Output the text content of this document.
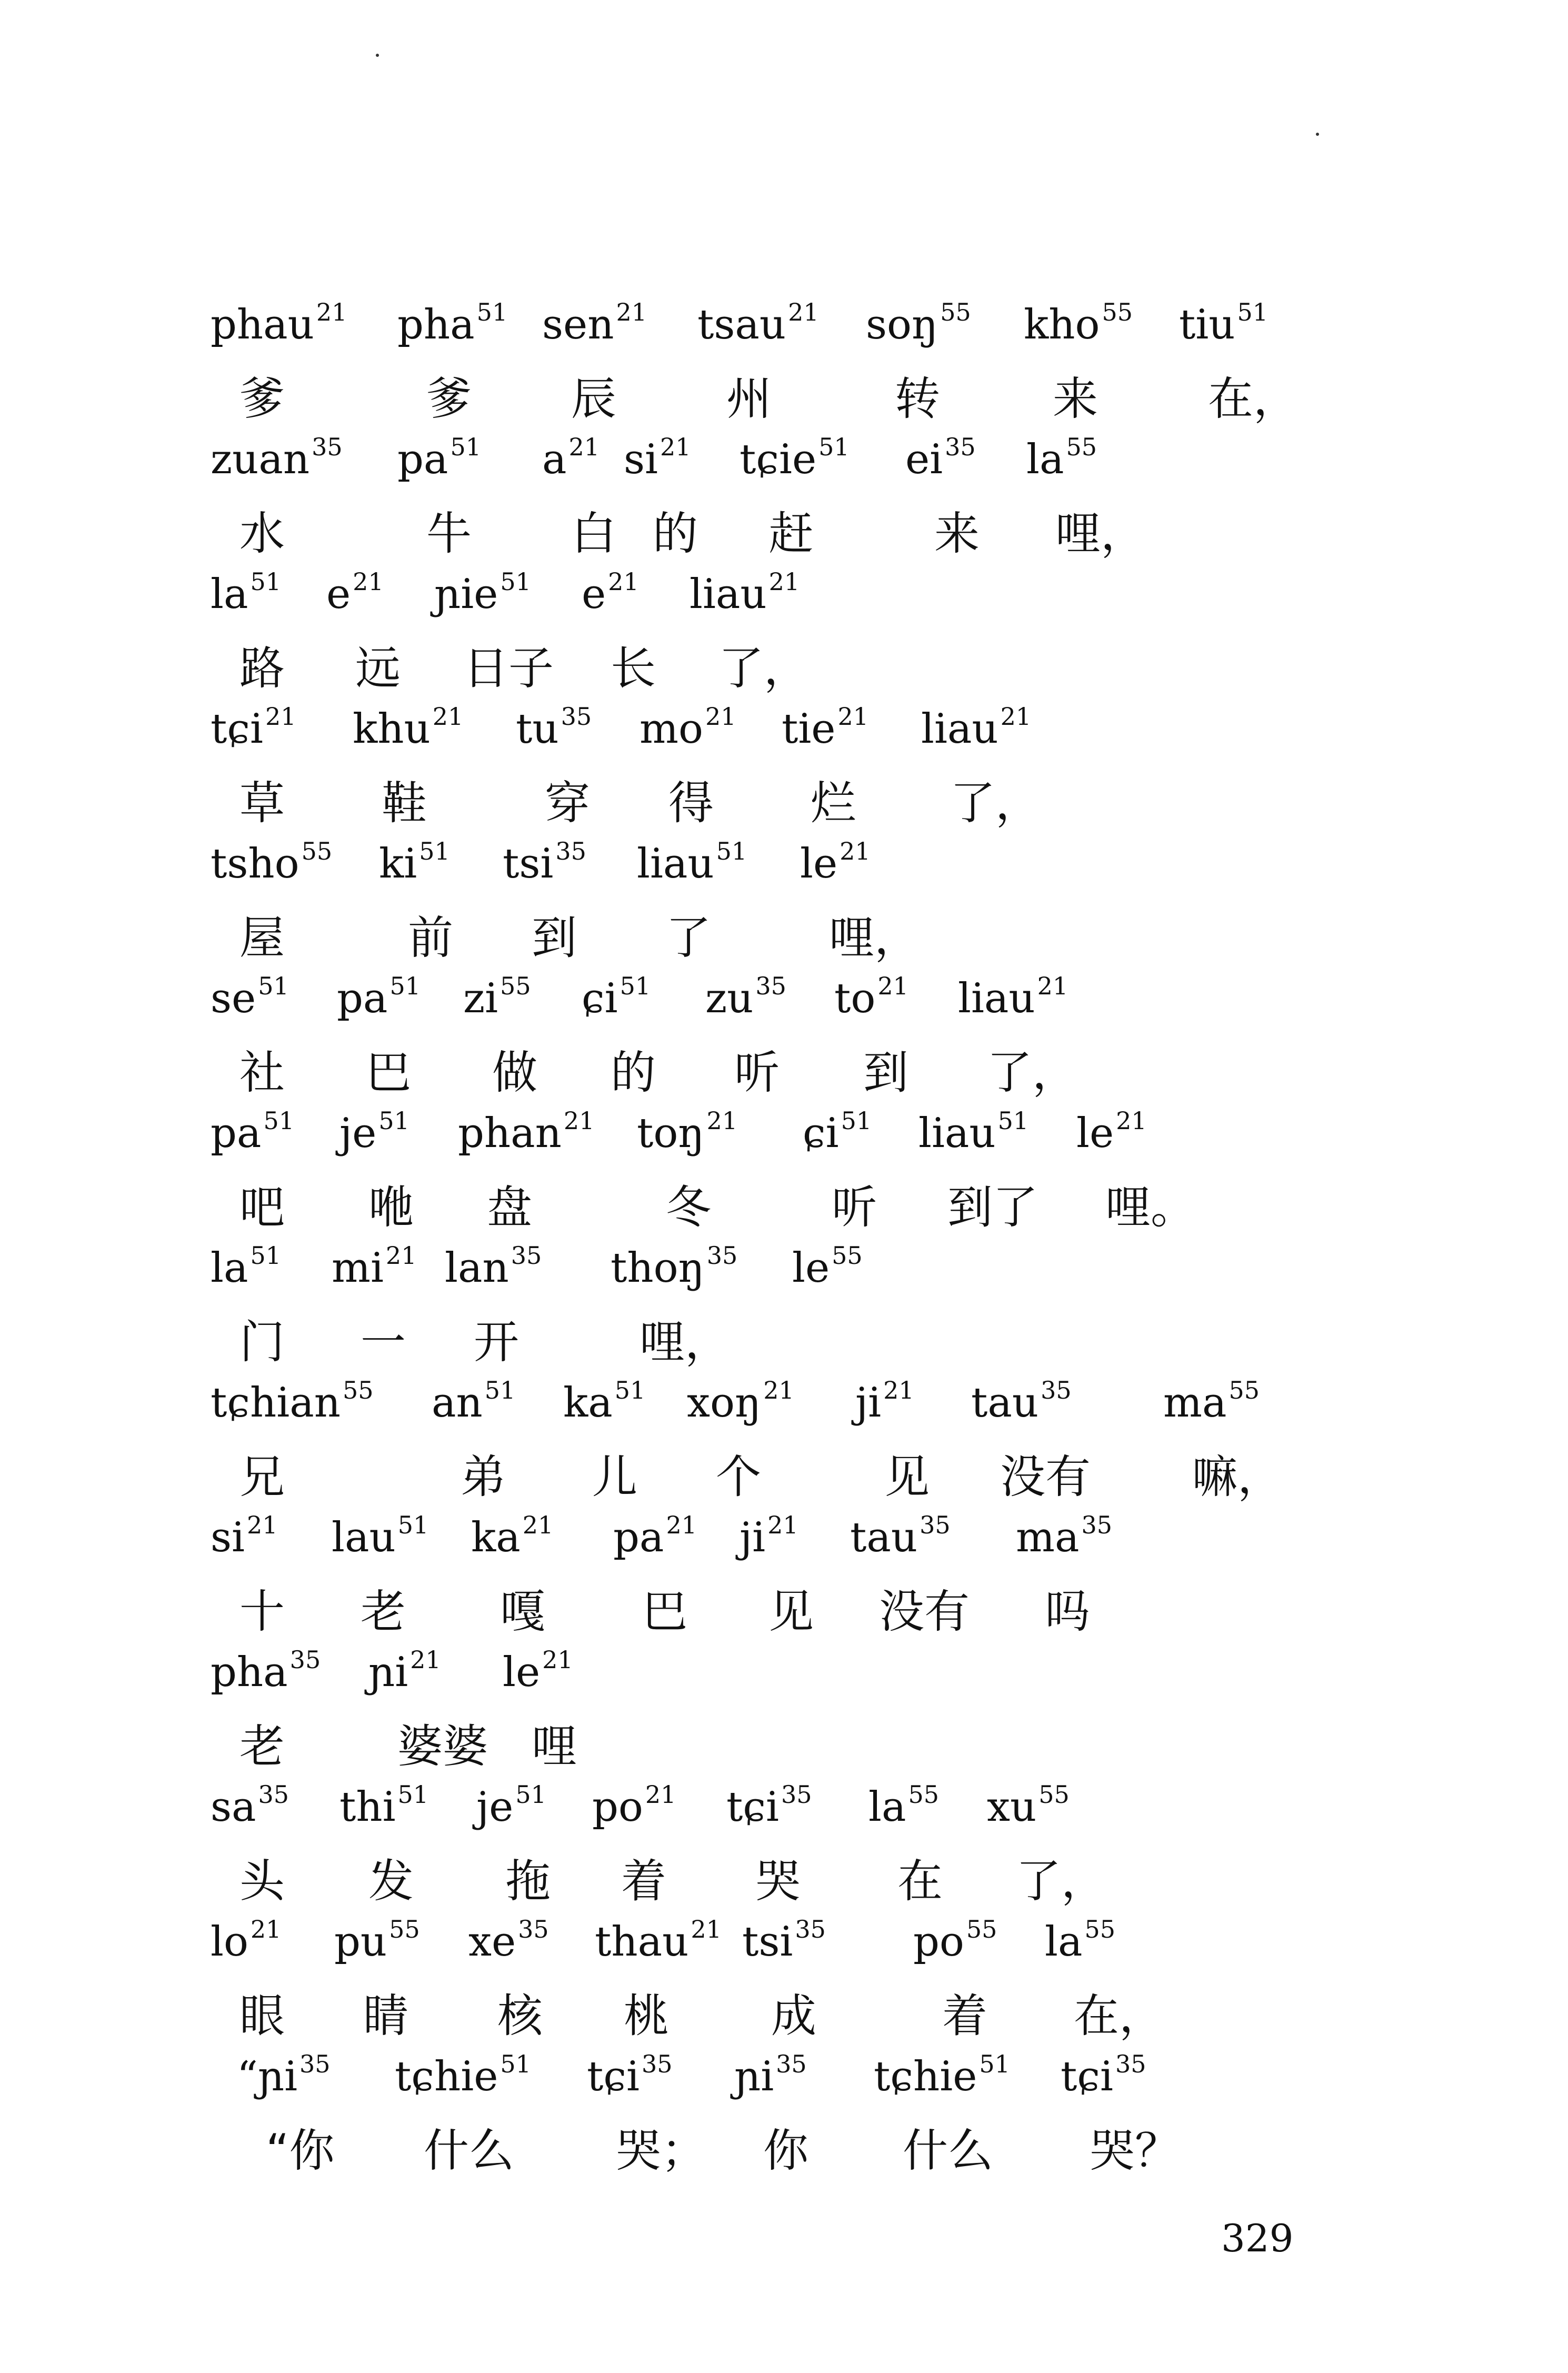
phau$^{21}$ pha$^{51}$ sen$^{21}$ tsau$^{21}$ soŋ$^{55}$ kho$^{55}$ tiu$^{51}$
爹	爹 辰 州	转 来 在，
zuan$^{35}$ $pa^{51}$ $a^{21}$ $si^{21}$ tɕie$^{51}$ $ei^{35}$ $la^{55}$
水	牛 白 的 赶	来 哩，
$la^{51}$ $e^{21}$ ɲie$^{51}$ $e^{21}$ liau$^{21}$
路 远 日子 长 了，
tɕi$^{21}$ khu$^{21}$ $tu^{35}$ $mo^{21}$ tie$^{21}$ liau$^{21}$
草 鞋	穿 得 烂 了，
tsho$^{55}$ $ki^{51}$ tsi$^{35}$ liau$^{51}$ $le^{21}$
屋	前 到 了	哩，
$se^{51}$ $pa^{51}$ $zi^{55}$ ɕi$^{51}$ $zu^{35}$ $to^{21}$ liau$^{21}$
社 巴 做 的 听 到 了，
$pa^{51}$ $je^{51}$ phan$^{21}$ toŋ$^{21}$ ɕi$^{51}$ liau$^{51}$ $le^{21}$
吧 咃 盘	冬	听 到了 哩。
$la^{51}$ $mi^{21}$ lan$^{35}$ thoŋ$^{35}$ $le^{55}$
门 一 开	哩，
tɕhian$^{55}$ $an^{51}$ $ka^{51}$ xoŋ$^{21}$ $ji^{21}$ tau$^{35}$ $ma^{55}$
兄	弟 儿 个	见 没有 嘛，
$si^{21}$ lau$^{51}$ $ka^{21}$ $pa^{21}$ $ji^{21}$ tau$^{35}$ $ma^{35}$
十 老 嘎 巴 见 没有 吗
pha$^{35}$ ɲi$^{21}$ $le^{21}$
老 婆婆 哩
$sa^{35}$ thi$^{51}$ $je^{51}$ $po^{21}$ tɕi$^{35}$ $la^{55}$ $xu^{55}$
头 发 拖 着 哭 在 了，
$lo^{21}$ $pu^{55}$ $xe^{35}$ thau$^{21}$ tsi$^{35}$ $po^{55}$ $la^{55}$
眼 睛 核 桃 成	着 在，
“ɲi$^{35}$ tɕhie$^{51}$ tɕi$^{35}$ ɲi$^{35}$ tɕhie$^{51}$ tɕi$^{35}$
“你 什么 哭； 你 什么 哭？
329
